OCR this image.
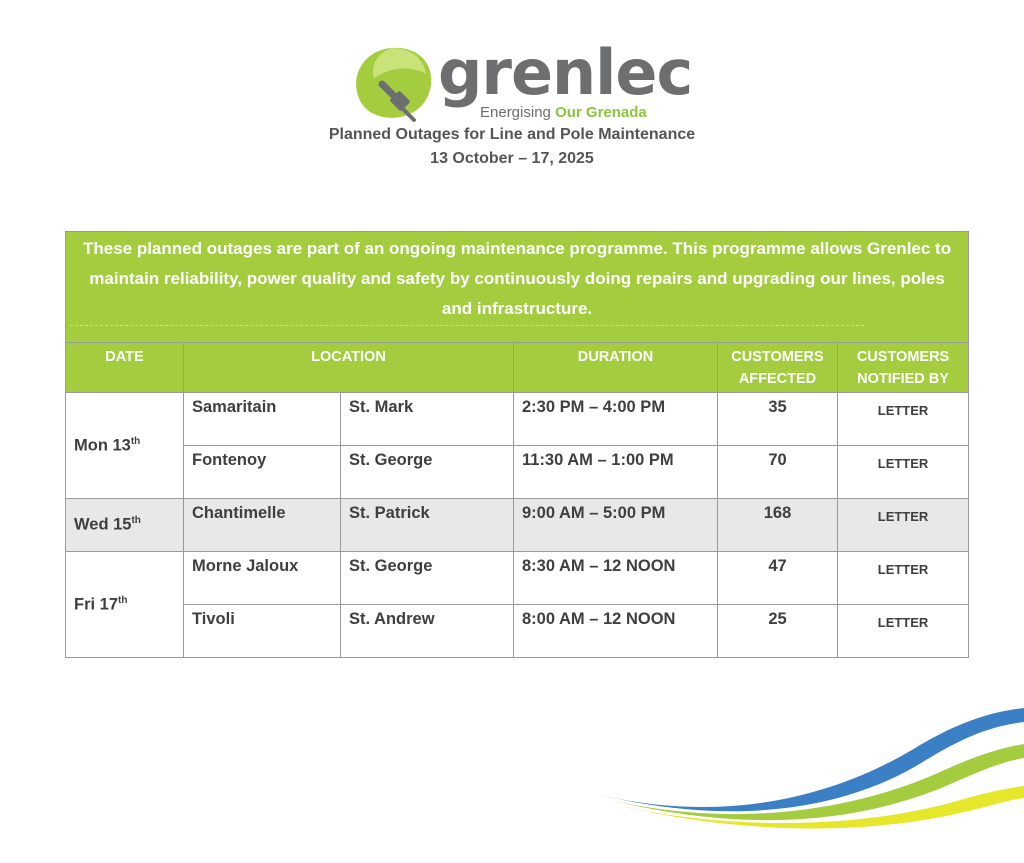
grenlec
Energising Our Grenada
Planned Outages for Line and Pole Maintenance
13 October – 17, 2025
These planned outages are part of an ongoing maintenance programme. This programme allows Grenlec to maintain reliability, power quality and safety by continuously doing repairs and upgrading our lines, poles and infrastructure.					

DATE	LOCATION		DURATION	CUSTOMERS AFFECTED	CUSTOMERS NOTIFIED BY
Mon 13th	Samaritain	St. Mark	2:30 PM – 4:00 PM	35	LETTER
	Fontenoy	St. George	11:30 AM – 1:00 PM	70	LETTER
Wed 15th	Chantimelle	St. Patrick	9:00 AM – 5:00 PM	168	LETTER
Fri 17th	Morne Jaloux	St. George	8:30 AM – 12 NOON	47	LETTER
	Tivoli	St. Andrew	8:00 AM – 12 NOON	25	LETTER
